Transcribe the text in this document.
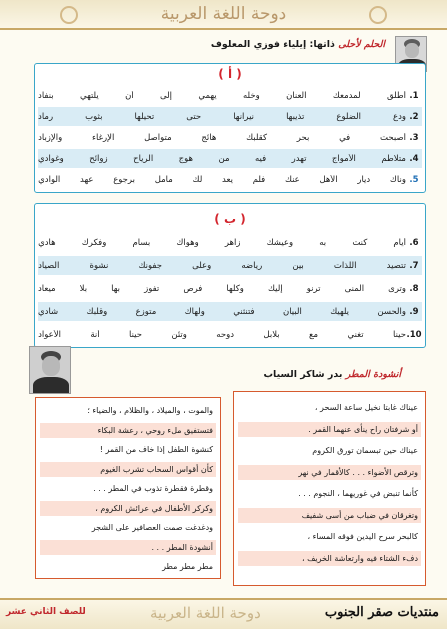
دوحة اللغة العربية
الحلم لأحلى ذاتها: إيلياء فوزي المعلوف
( أ )
1.
أطلق
لمدمعك
العنان
وخله
يهمي
إلى
أن
يلتهي
بنفاد
2.
ودع
الضلوع
تذيبها
نيرانها
حتى
تحيلها
بثوب
رماد
3.
أصبحت
في
بحر
كقلبك
هائج
متواصل
الإرغاء
والإزباد
4.
متلاطم
الأمواج
تهدر
فيه
من
هوج
الرياح
زوائح
وغوادي
5.
وناك
ديار
الأهل
عنك
فلم
يعد
لك
مأمل
برجوع
عهد
الوادي
( ب )
6.
أيام
كنت
به
وعيشك
زاهر
وهواك
بسام
وفكرك
هادي
7.
تتصيد
اللذات
بين
رياضه
وعلى
جفونك
نشوة
الصياد
8.
وترى
المنى
ترنو
إليك
وكلها
فرص
تفوز
بها
بلا
ميعاد
9.
والحسن
يلهيك
البيان
فتنثني
ولهاك
متوزع
وقلبك
شادي
10.
حينا
تغني
مع
بلابل
دوحه
وتئن
حينا
أنة
الأعواد
أنشودة المطر بدر شاكر السياب
عيناك غابتا نخيل ساعة السحر ،
أو شرفتان راح ينأى عنهما القمر .
عيناك حين تبسمان تورق الكروم
وترقص الأضواء . . . كالأقمار في نهر
كأنما تنبض في غوريهما ، النجوم . . .
وتغرقان في ضباب من أسى شفيف
كالبحر سرح اليدين فوقه المساء ،
دفء الشتاء فيه وارتعاشة الخريف ،
والموت ، والميلاد ، والظلام ، والضياء ؛
فتستفيق ملء روحي ، رعشة البكاء
كنشوة الطفل إذا خاف من القمر !
كأن أقواس السحاب تشرب الغيوم
وقطرة فقطرة تذوب في المطر . . .
وكركر الأطفال في عرائش الكروم ،
ودغدغت صمت العصافير على الشجر
أنشودة المطر . . .
مطر مطر مطر
للصف الثاني عشر	دوحة اللغة العربية	منتديات صقر الجنوب
